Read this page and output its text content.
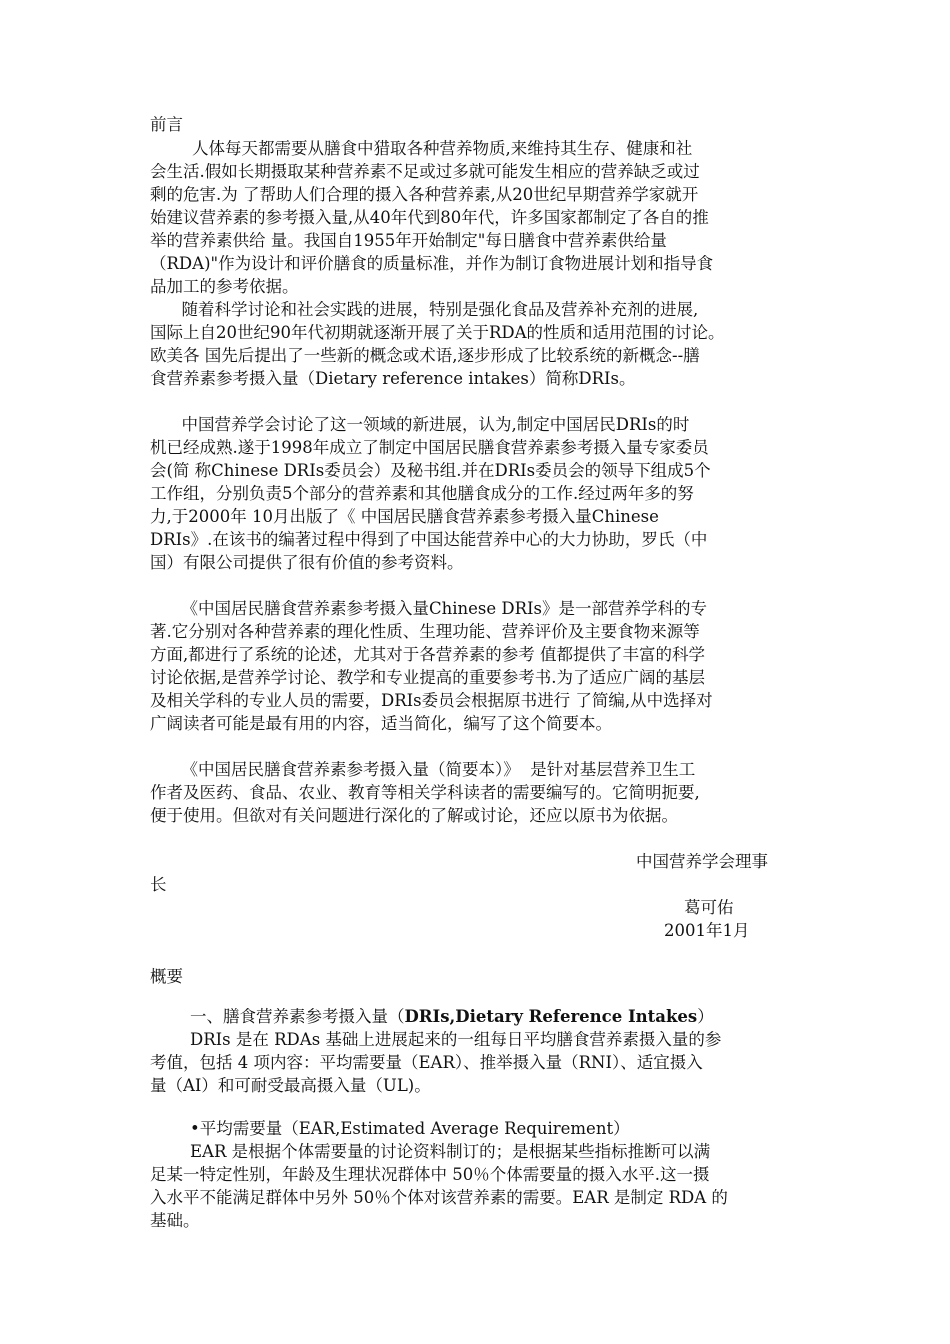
前言
人体每天都需要从膳食中猎取各种营养物质,来维持其生存、健康和社
会生活.假如长期摄取某种营养素不足或过多就可能发生相应的营养缺乏或过
剩的危害.为 了帮助人们合理的摄入各种营养素,从20世纪早期营养学家就开
始建议营养素的参考摄入量,从40年代到80年代，许多国家都制定了各自的推
举的营养素供给 量。我国自1955年开始制定"每日膳食中营养素供给量
（RDA)"作为设计和评价膳食的质量标准，并作为制订食物进展计划和指导食
品加工的参考依据。
随着科学讨论和社会实践的进展，特别是强化食品及营养补充剂的进展,
国际上自20世纪90年代初期就逐渐开展了关于RDA的性质和适用范围的讨论。
欧美各 国先后提出了一些新的概念或术语,逐步形成了比较系统的新概念--膳
食营养素参考摄入量（Dietary reference intakes）简称DRIs。
中国营养学会讨论了这一领域的新进展，认为,制定中国居民DRIs的时
机已经成熟.遂于1998年成立了制定中国居民膳食营养素参考摄入量专家委员
会(简 称Chinese DRIs委员会）及秘书组.并在DRIs委员会的领导下组成5个
工作组，分别负责5个部分的营养素和其他膳食成分的工作.经过两年多的努
力,于2000年 10月出版了《 中国居民膳食营养素参考摄入量Chinese
DRIs》.在该书的编著过程中得到了中国达能营养中心的大力协助，罗氏（中
国）有限公司提供了很有价值的参考资料。
《中国居民膳食营养素参考摄入量Chinese DRIs》是一部营养学科的专
著.它分别对各种营养素的理化性质、生理功能、营养评价及主要食物来源等
方面,都进行了系统的论述，尤其对于各营养素的参考 值都提供了丰富的科学
讨论依据,是营养学讨论、教学和专业提高的重要参考书.为了适应广阔的基层
及相关学科的专业人员的需要，DRIs委员会根据原书进行 了简编,从中选择对
广阔读者可能是最有用的内容，适当简化，编写了这个简要本。
《中国居民膳食营养素参考摄入量（简要本）》  是针对基层营养卫生工
作者及医药、食品、农业、教育等相关学科读者的需要编写的。它简明扼要,
便于使用。但欲对有关问题进行深化的了解或讨论，还应以原书为依据。
中国营养学会理事
长
葛可佑
2001年1月
概要
一、膳食营养素参考摄入量（DRIs,Dietary Reference Intakes）
DRIs 是在 RDAs 基础上进展起来的一组每日平均膳食营养素摄入量的参
考值，包括 4 项内容：平均需要量（EAR）、推举摄入量（RNI）、适宜摄入
量（AI）和可耐受最高摄入量（UL)。
•平均需要量（EAR,Estimated Average Requirement）
EAR 是根据个体需要量的讨论资料制订的；是根据某些指标推断可以满
足某一特定性别，年龄及生理状况群体中 50％个体需要量的摄入水平.这一摄
入水平不能满足群体中另外 50％个体对该营养素的需要。EAR 是制定 RDA 的
基础。
